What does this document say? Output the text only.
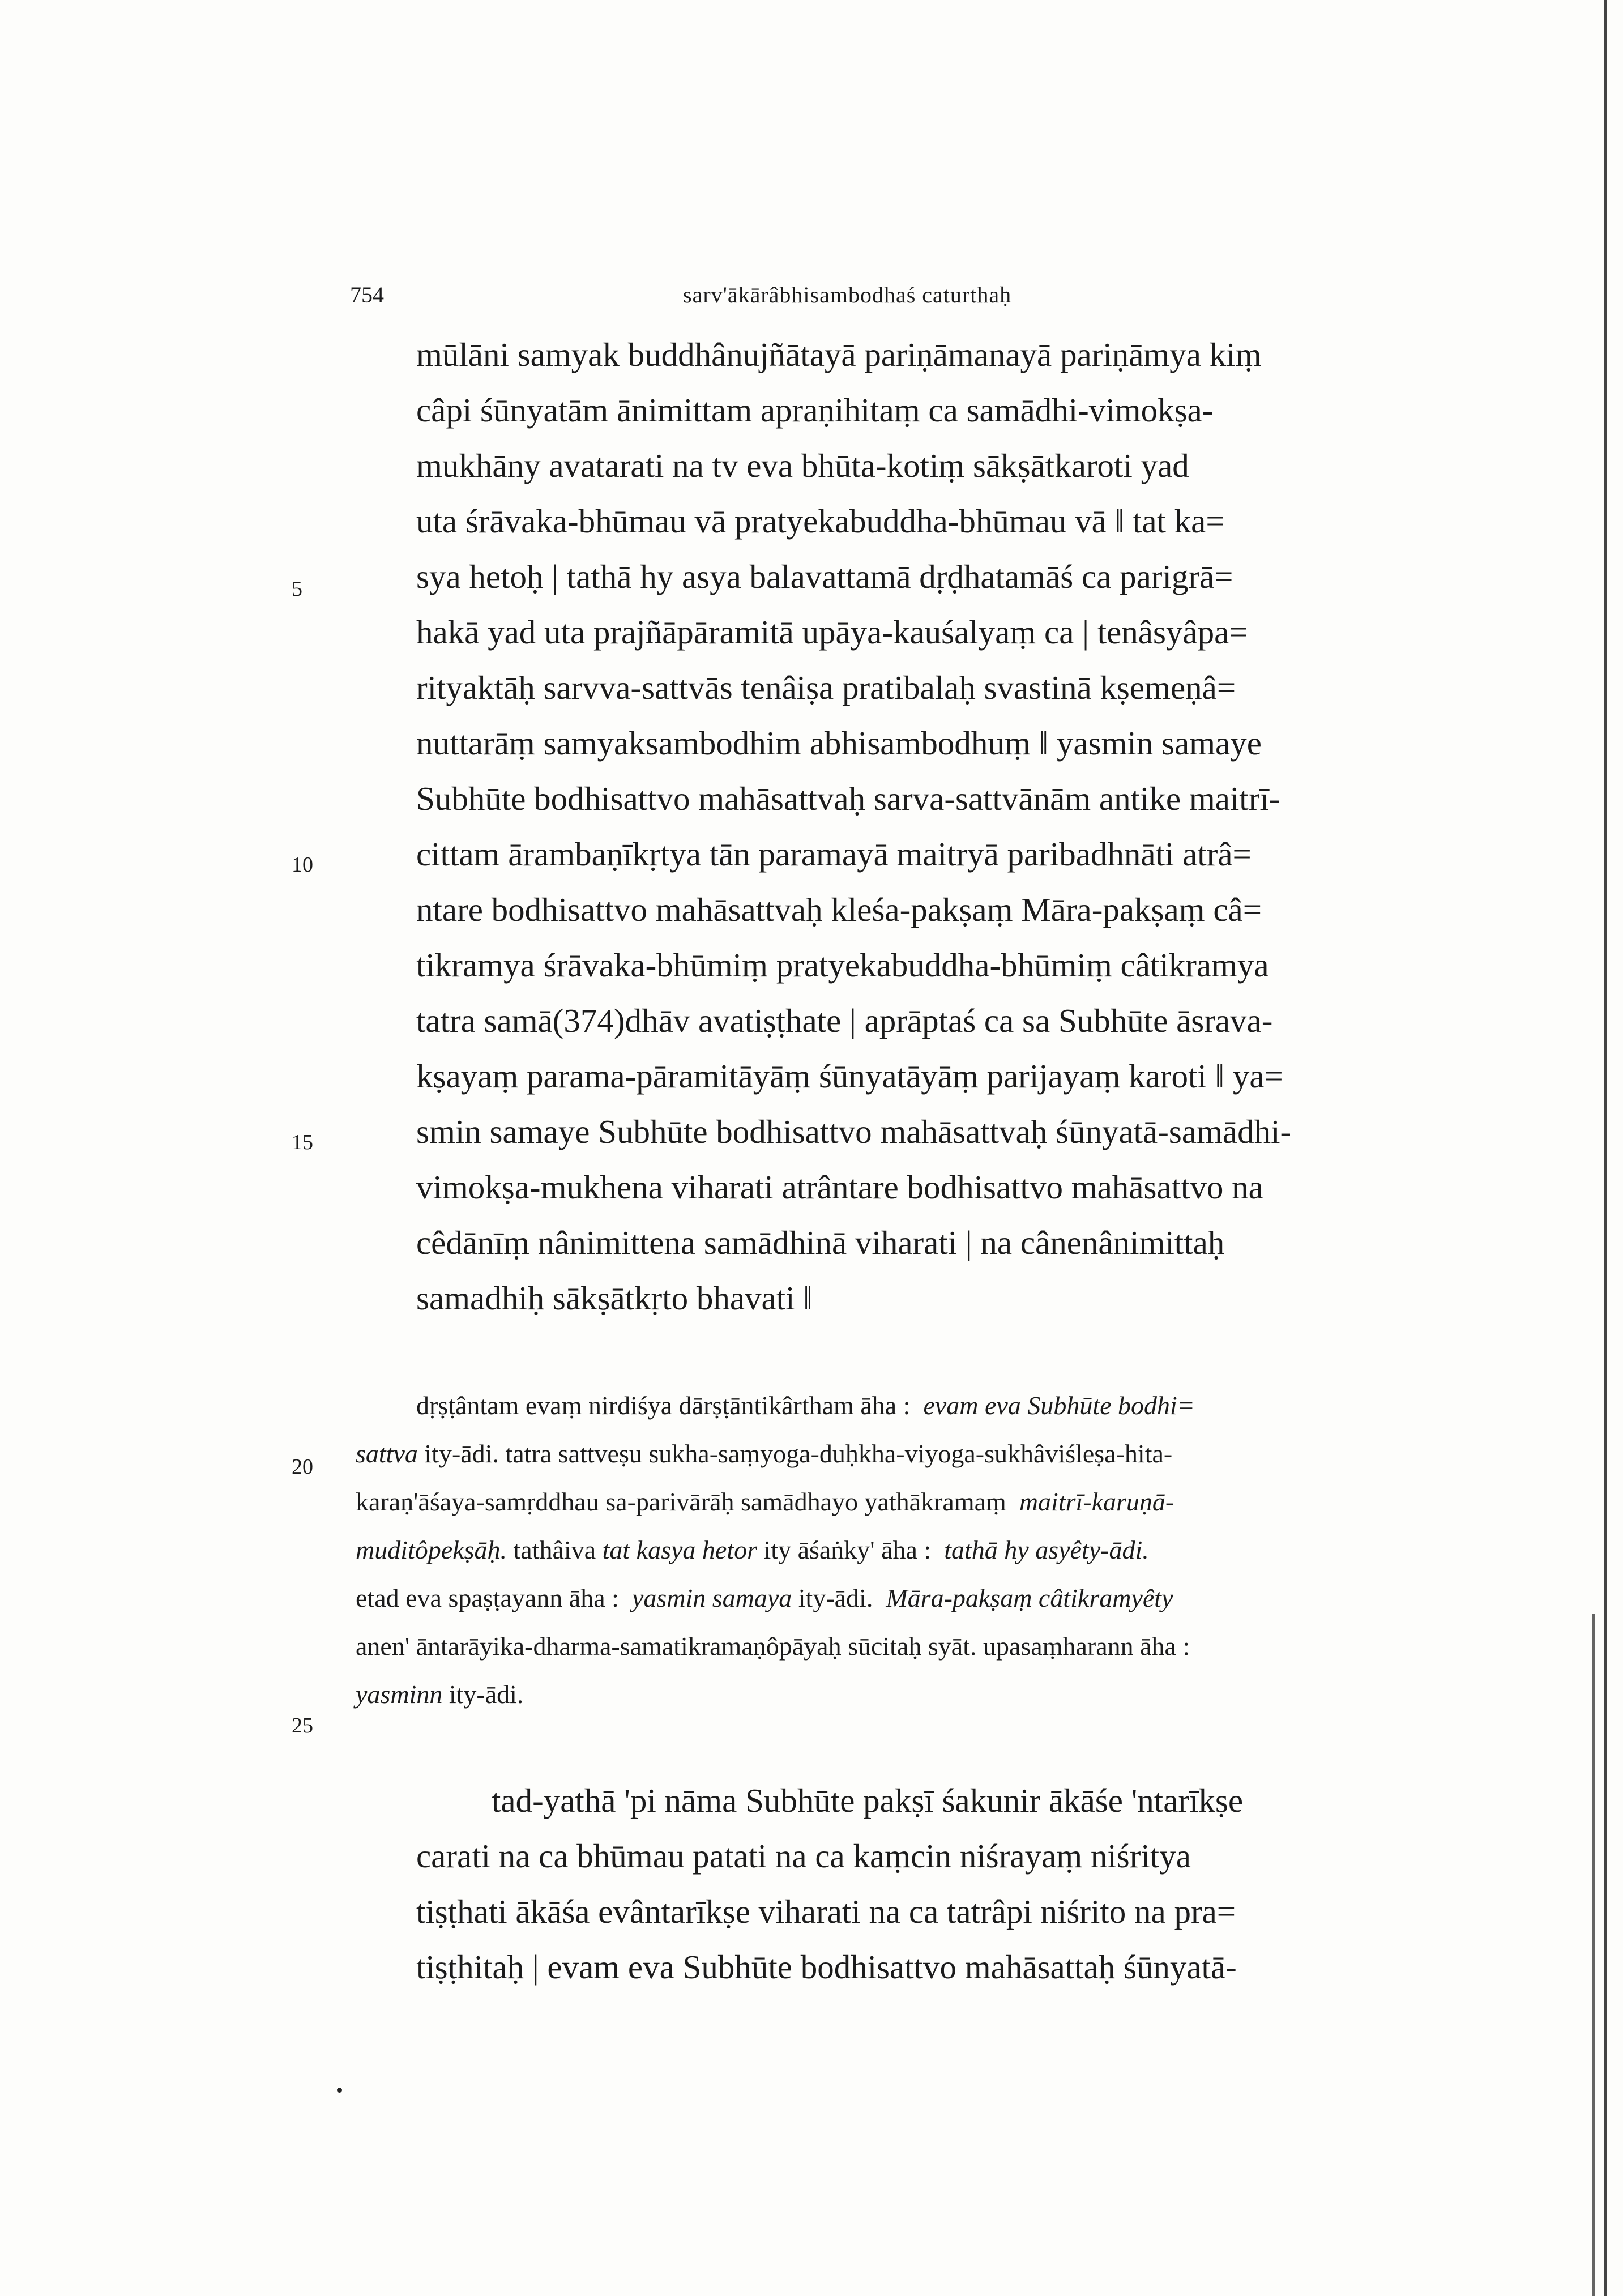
754	sarv'ākārâbhisambodhaś caturthaḥ
5
10
15
20
25
mūlāni samyak buddhânujñātayā pariṇāmanayā pariṇāmya kiṃ
câpi śūnyatām ānimittam apraṇihitaṃ ca samādhi-vimokṣa-
mukhāny avatarati na tv eva bhūta-kotiṃ sākṣātkaroti yad
uta śrāvaka-bhūmau vā pratyekabuddha-bhūmau vā ‖ tat ka=
sya hetoḥ | tathā hy asya balavattamā dṛḍhatamāś ca parigrā=
hakā yad uta prajñāpāramitā upāya-kauśalyaṃ ca | tenâsyâpa=
rityaktāḥ sarvva-sattvās tenâiṣa pratibalaḥ svastinā kṣemeṇâ=
nuttarāṃ samyaksambodhim abhisambodhuṃ ‖ yasmin samaye
Subhūte bodhisattvo mahāsattvaḥ sarva-sattvānām antike maitrī-
cittam ārambaṇīkṛtya tān paramayā maitryā paribadhnāti atrâ=
ntare bodhisattvo mahāsattvaḥ kleśa-pakṣaṃ Māra-pakṣaṃ câ=
tikramya śrāvaka-bhūmiṃ pratyekabuddha-bhūmiṃ câtikramya
tatra samā(374)dhāv avatiṣṭhate | aprāptaś ca sa Subhūte āsrava-
kṣayaṃ parama-pāramitāyāṃ śūnyatāyāṃ parijayaṃ karoti ‖ ya=
smin samaye Subhūte bodhisattvo mahāsattvaḥ śūnyatā-samādhi-
vimokṣa-mukhena viharati atrântare bodhisattvo mahāsattvo na
cêdānīṃ nânimittena samādhinā viharati | na cânenânimittaḥ
samadhiḥ sākṣātkṛto bhavati ‖
dṛṣṭântam evaṃ nirdiśya dārṣṭāntikârtham āha : evam eva Subhūte bodhi=
sattva ity-ādi. tatra sattveṣu sukha-saṃyoga-duḥkha-viyoga-sukhâviśleṣa-hita-
karaṇ'āśaya-samṛddhau sa-parivārāḥ samādhayo yathākramaṃ maitrī-karuṇā-
muditôpekṣāḥ. tathâiva tat kasya hetor ity āśaṅky' āha : tathā hy asyêty-ādi.
etad eva spaṣṭayann āha : yasmin samaya ity-ādi. Māra-pakṣaṃ câtikramyêty
anen' āntarāyika-dharma-samatikramaṇôpāyaḥ sūcitaḥ syāt. upasaṃharann āha :
yasminn ity-ādi.
tad-yathā 'pi nāma Subhūte pakṣī śakunir ākāśe 'ntarīkṣe
carati na ca bhūmau patati na ca kaṃcin niśrayaṃ niśritya
tiṣṭhati ākāśa evântarīkṣe viharati na ca tatrâpi niśrito na pra=
tiṣṭhitaḥ | evam eva Subhūte bodhisattvo mahāsattaḥ śūnyatā-
